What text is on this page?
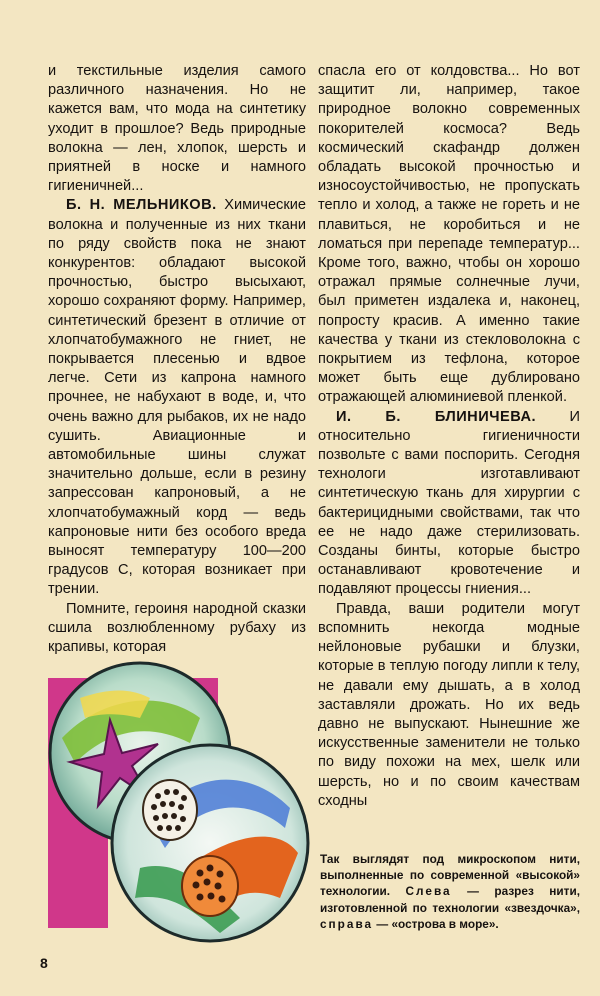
и текстильные изделия самого различного назначения. Но не кажется вам, что мода на синтетику уходит в прошлое? Ведь природные волокна — лен, хлопок, шерсть и приятней в носке и намного гигиеничней...

Б. Н. МЕЛЬНИКОВ. Химические волокна и полученные из них ткани по ряду свойств пока не знают конкурентов: обладают высокой прочностью, быстро высыхают, хорошо сохраняют форму. Например, синтетический брезент в отличие от хлопчатобумажного не гниет, не покрывается плесенью и вдвое легче. Сети из капрона намного прочнее, не набухают в воде, и, что очень важно для рыбаков, их не надо сушить. Авиационные и автомобильные шины служат значительно дольше, если в резину запрессован капроновый, а не хлопчатобумажный корд — ведь капроновые нити без особого вреда выносят температуру 100—200 градусов С, которая возникает при трении.

Помните, героиня народной сказки сшила возлюбленному рубаху из крапивы, которая

спасла его от колдовства... Но вот защитит ли, например, такое природное волокно современных покорителей космоса? Ведь космический скафандр должен обладать высокой прочностью и износоустойчивостью, не пропускать тепло и холод, а также не гореть и не плавиться, не коробиться и не ломаться при перепаде температур... Кроме того, важно, чтобы он хорошо отражал прямые солнечные лучи, был приметен издалека и, наконец, попросту красив. А именно такие качества у ткани из стекловолокна с покрытием из тефлона, которое может быть еще дублировано отражающей алюминиевой пленкой.

И. Б. БЛИНИЧЕВА. И относительно гигиеничности позвольте с вами поспорить. Сегодня технологи изготавливают синтетическую ткань для хирургии с бактерицидными свойствами, так что ее не надо даже стерилизовать. Созданы бинты, которые быстро останавливают кровотечение и подавляют процессы гниения...

Правда, ваши родители могут вспомнить некогда модные нейлоновые рубашки и блузки, которые в теплую погоду липли к телу, не давали ему дышать, а в холод заставляли дрожать. Но их ведь давно не выпускают. Нынешние же искусственные заменители не только по виду похожи на мех, шелк или шерсть, но и по своим качествам сходны

Так выглядят под микроскопом нити, выполненные по современной «высокой» технологии. Слева — разрез нити, изготовленной по технологии «звездочка», справа — «острова в море».
8
